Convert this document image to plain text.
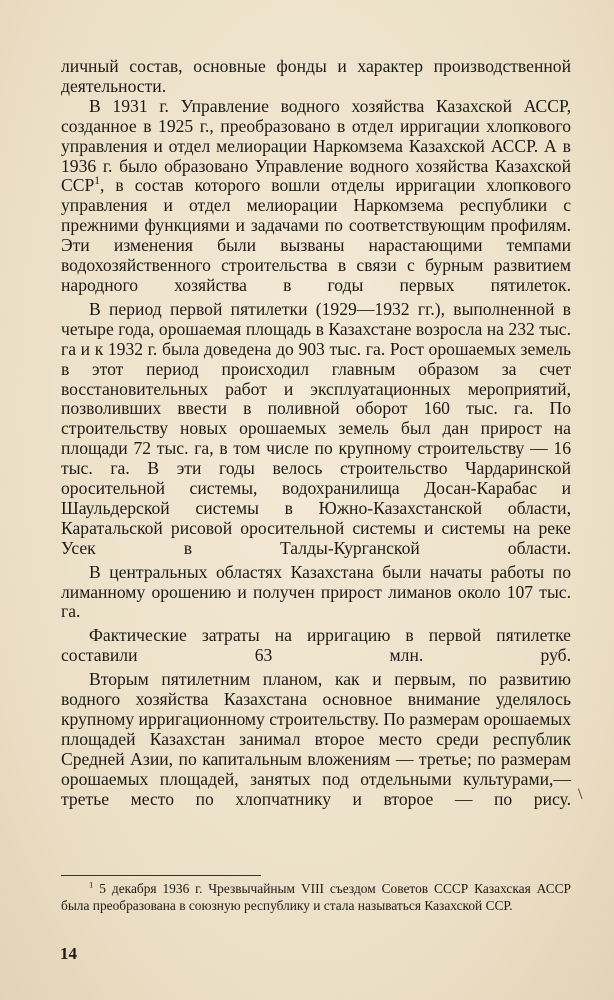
личный состав, основные фонды и характер производственной деятельности.

В 1931 г. Управление водного хозяйства Казахской АССР, созданное в 1925 г., преобразовано в отдел ирригации хлопкового управления и отдел мелиорации Наркомзема Казахской АССР. А в 1936 г. было образовано Управление водного хозяйства Казахской ССР$^1$, в состав которого вошли отделы ирригации хлопкового управления и отдел мелиорации Наркомзема республики с прежними функциями и задачами по соответствующим профилям. Эти изменения были вызваны нарастающими темпами водохозяйственного строительства в связи с бурным развитием народного хозяйства в годы первых пятилеток.

В период первой пятилетки (1929—1932 гг.), выполненной в четыре года, орошаемая площадь в Казахстане возросла на 232 тыс. га и к 1932 г. была доведена до 903 тыс. га. Рост орошаемых земель в этот период происходил главным образом за счет восстановительных работ и эксплуатационных мероприятий, позволивших ввести в поливной оборот 160 тыс. га. По строительству новых орошаемых земель был дан прирост на площади 72 тыс. га, в том числе по крупному строительству — 16 тыс. га. В эти годы велось строительство Чардаринской оросительной системы, водохранилища Досан-Карабас и Шаульдерской системы в Южно-Казахстанской области, Каратальской рисовой оросительной системы и системы на реке Усек в Талды-Курганской области.

В центральных областях Казахстана были начаты работы по лиманному орошению и получен прирост лиманов около 107 тыс. га.

Фактические затраты на ирригацию в первой пятилетке составили 63 млн. руб.

Вторым пятилетним планом, как и первым, по развитию водного хозяйства Казахстана основное внимание уделялось крупному ирригационному строительству. По размерам орошаемых площадей Казахстан занимал второе место среди республик Средней Азии, по капитальным вложениям — третье; по размерам орошаемых площадей, занятых под отдельными культурами,— третье место по хлопчатнику и второе — по рису. \
$^1$ 5 декабря 1936 г. Чрезвычайным VIII съездом Советов СССР Казахская АССР была преобразована в союзную республику и стала называться Казахской ССР.
14
